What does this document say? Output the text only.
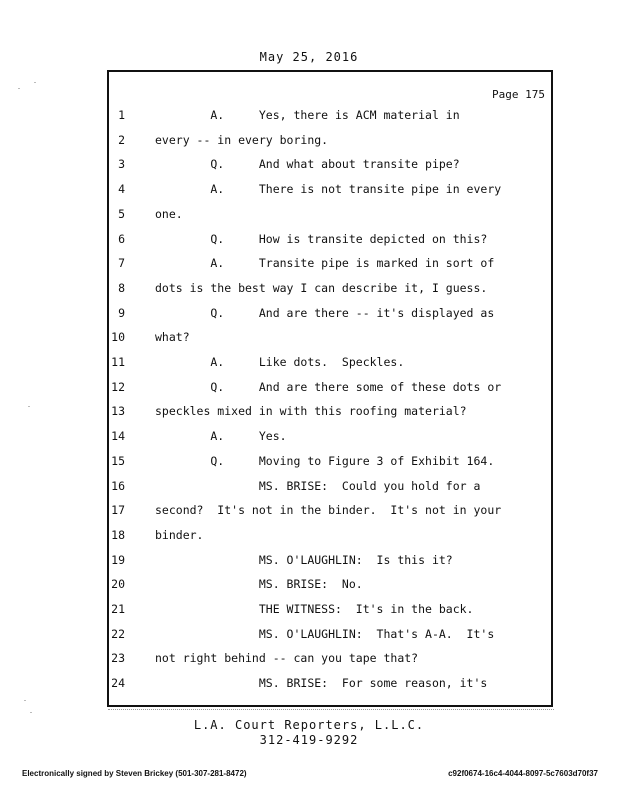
May 25, 2016
Page 175
1	A.     Yes, there is ACM material in
2	every -- in every boring.
3	Q.     And what about transite pipe?
4	A.     There is not transite pipe in every
5	one.
6	Q.     How is transite depicted on this?
7	A.     Transite pipe is marked in sort of
8	dots is the best way I can describe it, I guess.
9	Q.     And are there -- it's displayed as
10	what?
11	A.     Like dots.  Speckles.
12	Q.     And are there some of these dots or
13	speckles mixed in with this roofing material?
14	A.     Yes.
15	Q.     Moving to Figure 3 of Exhibit 164.
16	MS. BRISE:  Could you hold for a
17	second?  It's not in the binder.  It's not in your
18	binder.
19	MS. O'LAUGHLIN:  Is this it?
20	MS. BRISE:  No.
21	THE WITNESS:  It's in the back.
22	MS. O'LAUGHLIN:  That's A-A.  It's
23	not right behind -- can you tape that?
24	MS. BRISE:  For some reason, it's
L.A. Court Reporters, L.L.C.
312-419-9292
Electronically signed by Steven Brickey (501-307-281-8472)	c92f0674-16c4-4044-8097-5c7603d70f37
